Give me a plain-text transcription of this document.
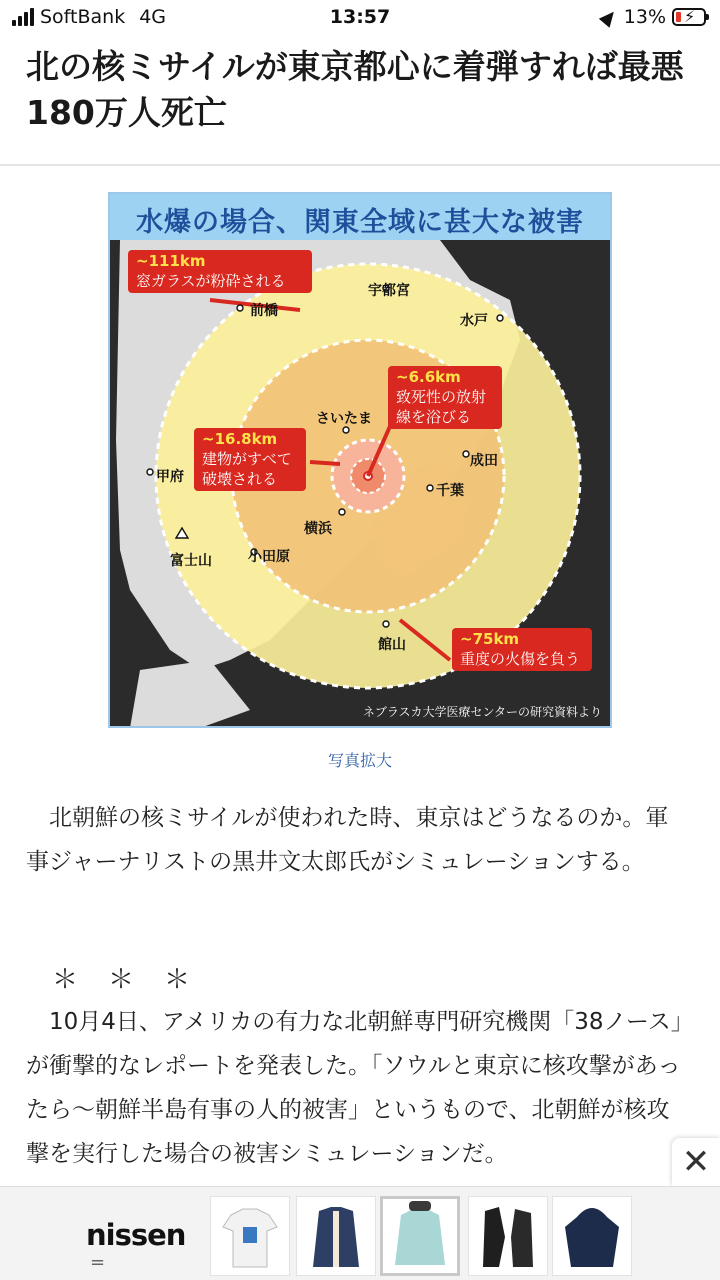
SoftBank 4G	13:57	13% ⚡
北の核ミサイルが東京都心に着弾すれば最悪180万人死亡
水爆の場合、関東全域に甚大な被害
~111km
窓ガラスが粉砕される
~6.6km
致死性の放射線を浴びる
~16.8km
建物がすべて破壊される
~75km
重度の火傷を負う
宇都宮
前橋
水戸
さいたま
成田
甲府
千葉
横浜
富士山	小田原
館山
ネブラスカ大学医療センターの研究資料より
写真拡大

北朝鮮の核ミサイルが使われた時、東京はどうなるのか。軍事ジャーナリストの黒井文太郎氏がシミュレーションする。

＊　＊　＊

10月4日、アメリカの有力な北朝鮮専門研究機関「38ノース」が衝撃的なレポートを発表した。「ソウルと東京に核攻撃があったら〜朝鮮半島有事の人的被害」というもので、北朝鮮が核攻撃を実行した場合の被害シミュレーションだ。	✕
nissen
=
